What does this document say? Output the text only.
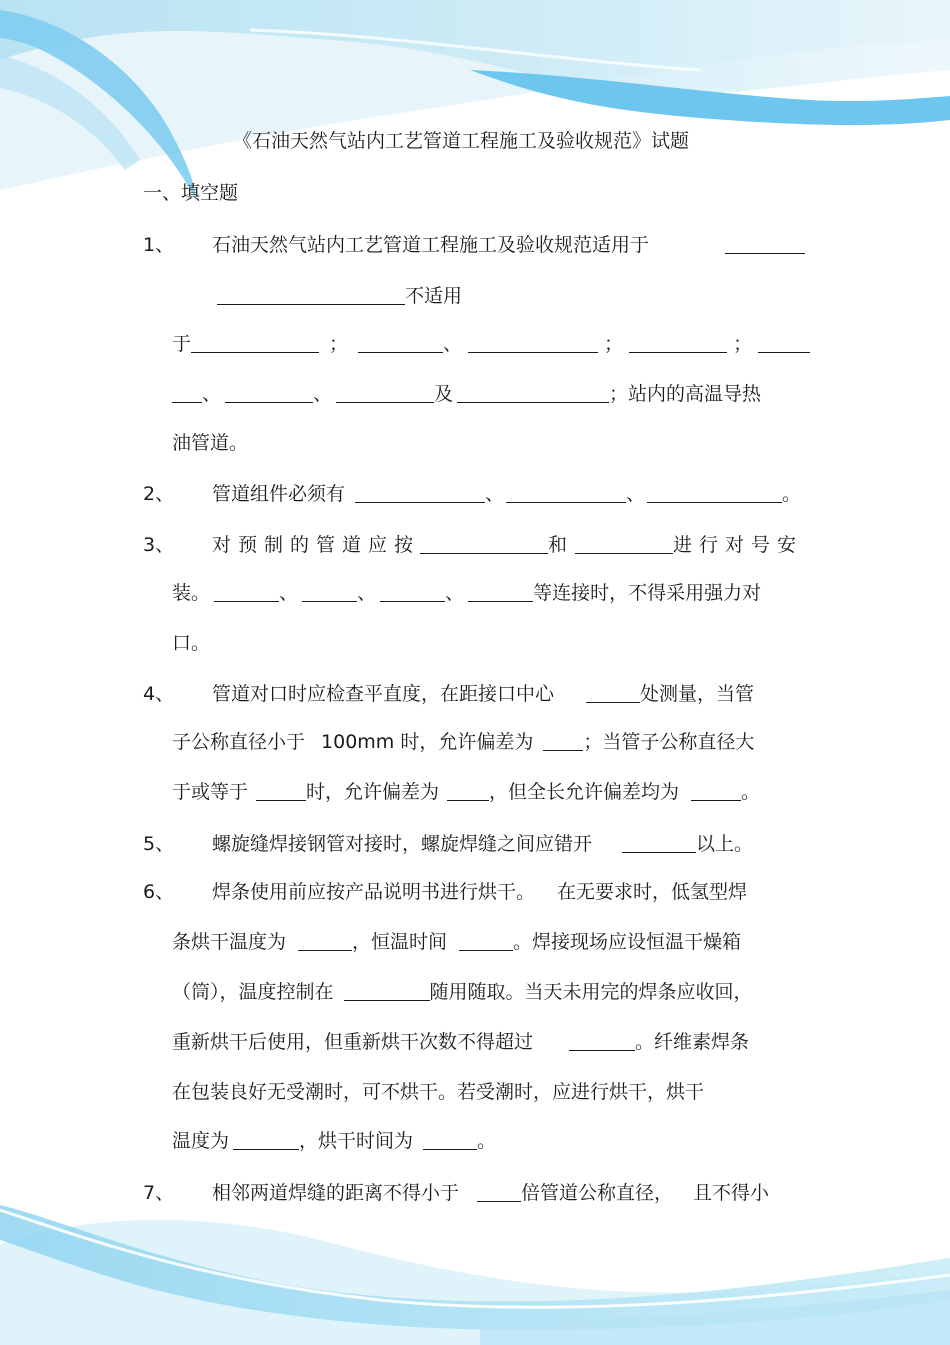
《石油天然气站内工艺管道工程施工及验收规范》试题
一、填空题
1、 石油天然气站内工艺管道工程施工及验收规范适用于
不适用
于	；	、	；	；
、	、	及	；站内的高温导热
油管道。
2、 管道组件必须有	、	、	。
3、 对预制的管道应按	和	进行对号安
装。	、	、	、	等连接时，不得采用强力对
口。
4、 管道对口时应检查平直度，在距接口中心	处测量，当管
子公称直径小于 100mm 时，允许偏差为	；当管子公称直径大
于或等于	时，允许偏差为	，但全长允许偏差均为	。
5、 螺旋缝焊接钢管对接时，螺旋焊缝之间应错开	以上。
6、 焊条使用前应按产品说明书进行烘干。 在无要求时，低氢型焊
条烘干温度为	，恒温时间	。焊接现场应设恒温干燥箱
（筒），温度控制在	随用随取。当天未用完的焊条应收回，
重新烘干后使用，但重新烘干次数不得超过	。纤维素焊条
在包装良好无受潮时，可不烘干。若受潮时，应进行烘干，烘干
温度为	，烘干时间为	。
7、 相邻两道焊缝的距离不得小于	倍管道公称直径， 且不得小
